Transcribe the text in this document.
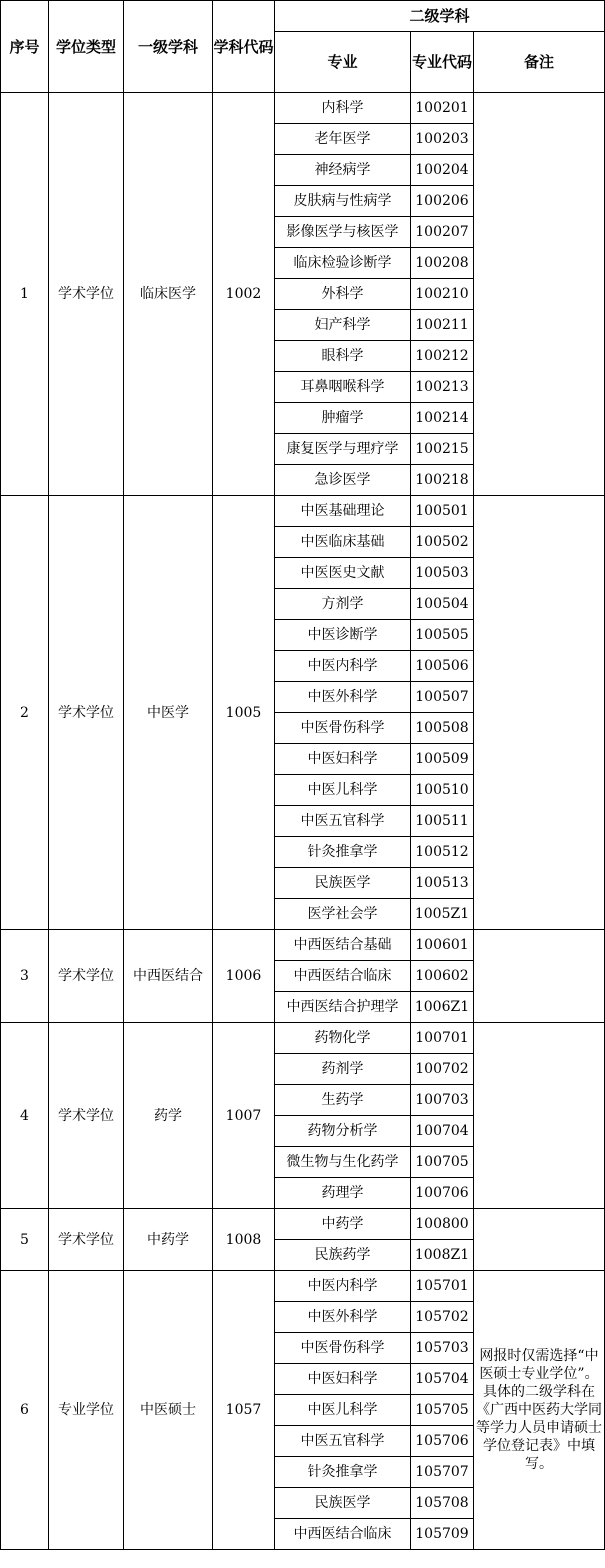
序号	学位类型	一级学科	学科代码	二级学科		
				专业	专业代码	备注
1	学术学位	临床医学	1002	内科学	100201	
				老年医学	100203	
				神经病学	100204	
				皮肤病与性病学	100206	
				影像医学与核医学	100207	
				临床检验诊断学	100208	
				外科学	100210	
				妇产科学	100211	
				眼科学	100212	
				耳鼻咽喉科学	100213	
				肿瘤学	100214	
				康复医学与理疗学	100215	
				急诊医学	100218	
2	学术学位	中医学	1005	中医基础理论	100501	
				中医临床基础	100502	
				中医医史文献	100503	
				方剂学	100504	
				中医诊断学	100505	
				中医内科学	100506	
				中医外科学	100507	
				中医骨伤科学	100508	
				中医妇科学	100509	
				中医儿科学	100510	
				中医五官科学	100511	
				针灸推拿学	100512	
				民族医学	100513	
				医学社会学	1005Z1	
3	学术学位	中西医结合	1006	中西医结合基础	100601	
				中西医结合临床	100602	
				中西医结合护理学	1006Z1	
4	学术学位	药学	1007	药物化学	100701	
				药剂学	100702	
				生药学	100703	
				药物分析学	100704	
				微生物与生化药学	100705	
				药理学	100706	
5	学术学位	中药学	1008	中药学	100800	
				民族药学	1008Z1	
6	专业学位	中医硕士	1057	中医内科学	105701	网报时仅需选择“中医硕士专业学位”。具体的二级学科在《广西中医药大学同等学力人员申请硕士学位登记表》中填写。
				中医外科学	105702	
				中医骨伤科学	105703	
				中医妇科学	105704	
				中医儿科学	105705	
				中医五官科学	105706	
				针灸推拿学	105707	
				民族医学	105708	
				中西医结合临床	105709	
